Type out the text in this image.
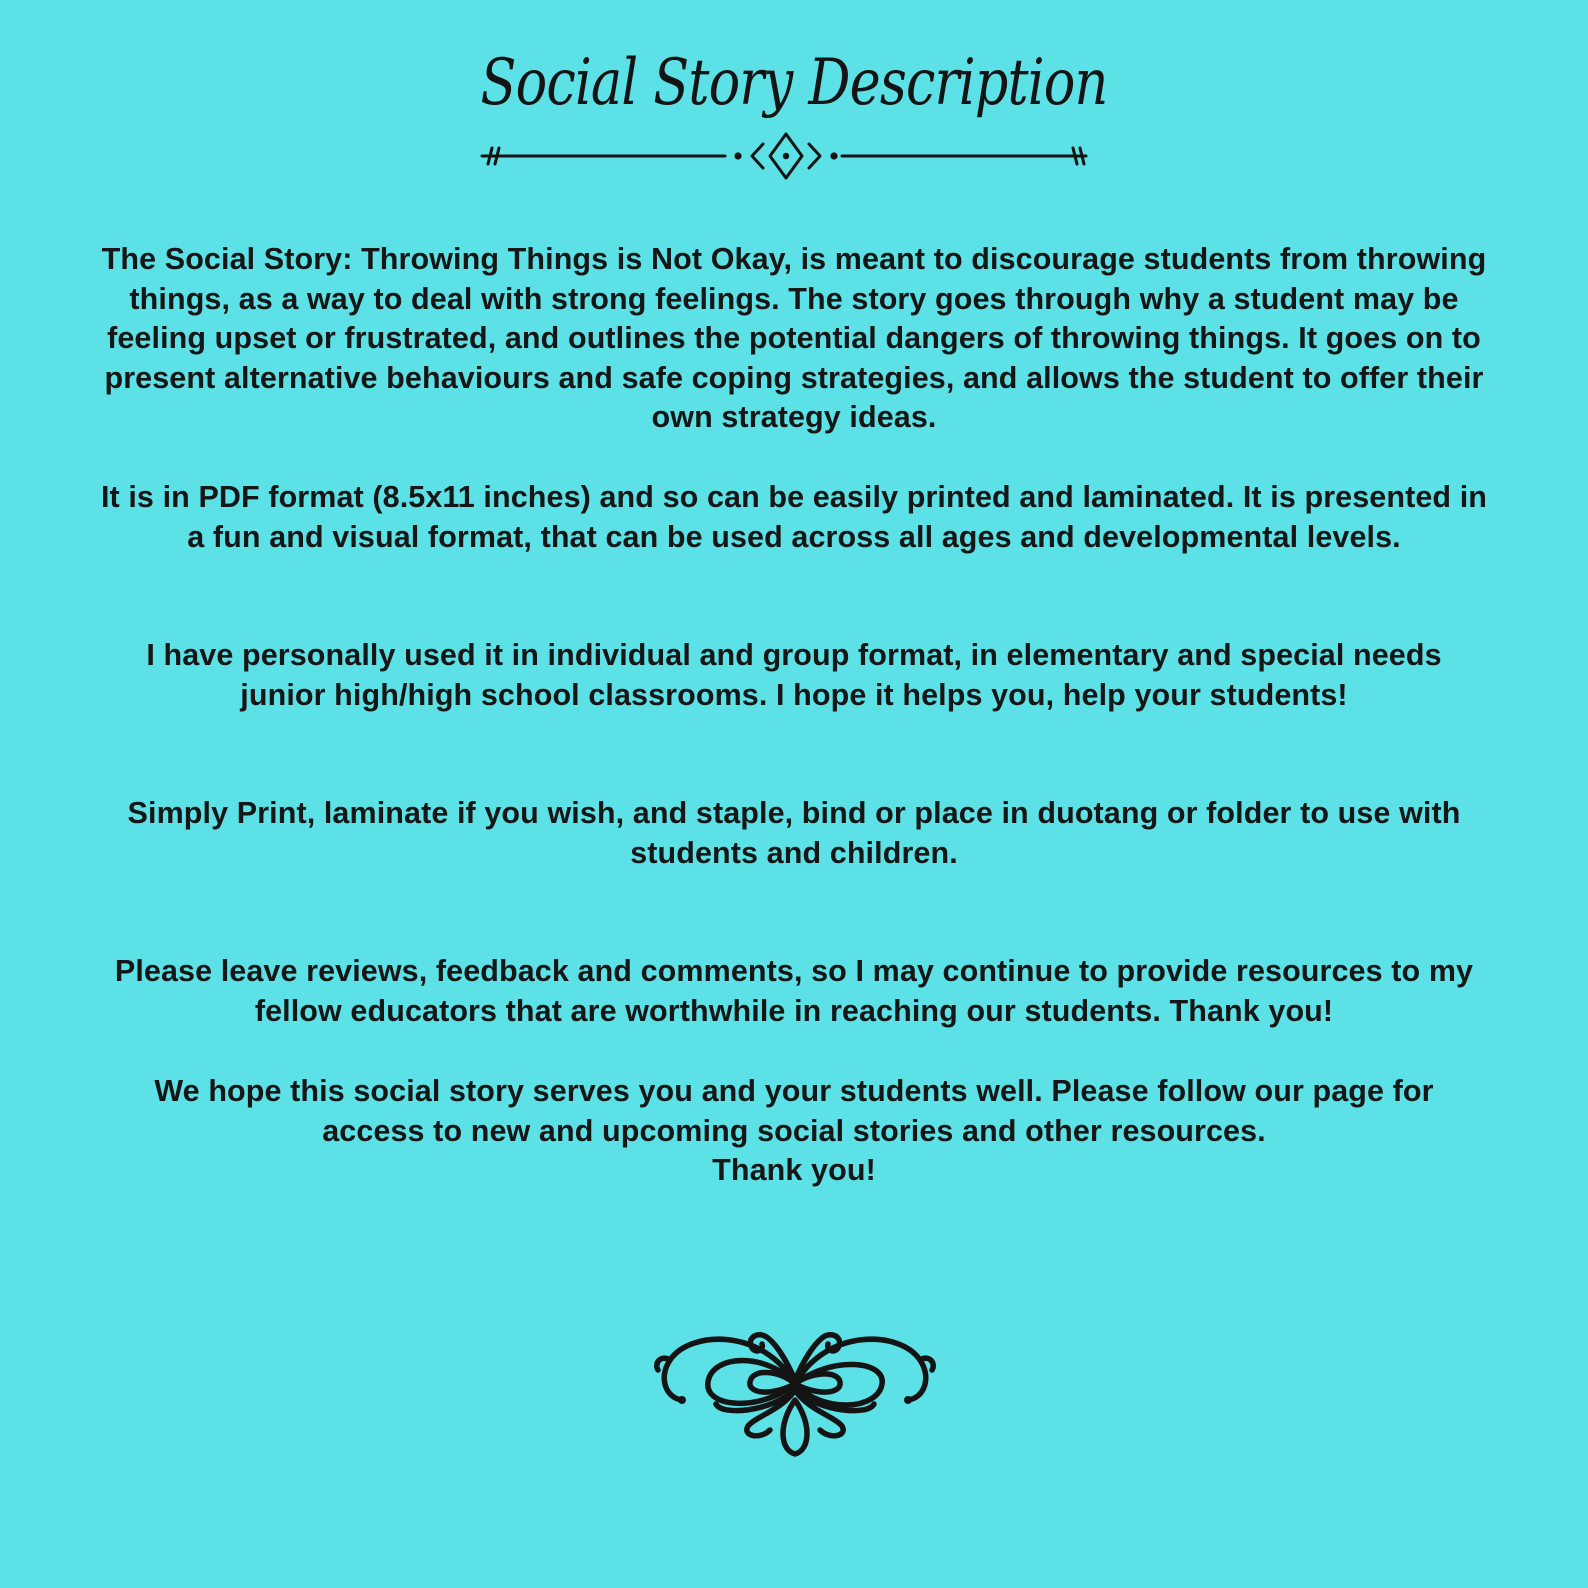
Social Story Description

The Social Story: Throwing Things is Not Okay, is meant to discourage students from throwing things, as a way to deal with strong feelings. The story goes through why a student may be feeling upset or frustrated, and outlines the potential dangers of throwing things. It goes on to present alternative behaviours and safe coping strategies, and allows the student to offer their own strategy ideas.

It is in PDF format (8.5x11 inches) and so can be easily printed and laminated. It is presented in a fun and visual format, that can be used across all ages and developmental levels.

I have personally used it in individual and group format, in elementary and special needs junior high/high school classrooms. I hope it helps you, help your students!

Simply Print, laminate if you wish, and staple, bind or place in duotang or folder to use with students and children.

Please leave reviews, feedback and comments, so I may continue to provide resources to my fellow educators that are worthwhile in reaching our students. Thank you!

We hope this social story serves you and your students well. Please follow our page for access to new and upcoming social stories and other resources.
Thank you!
